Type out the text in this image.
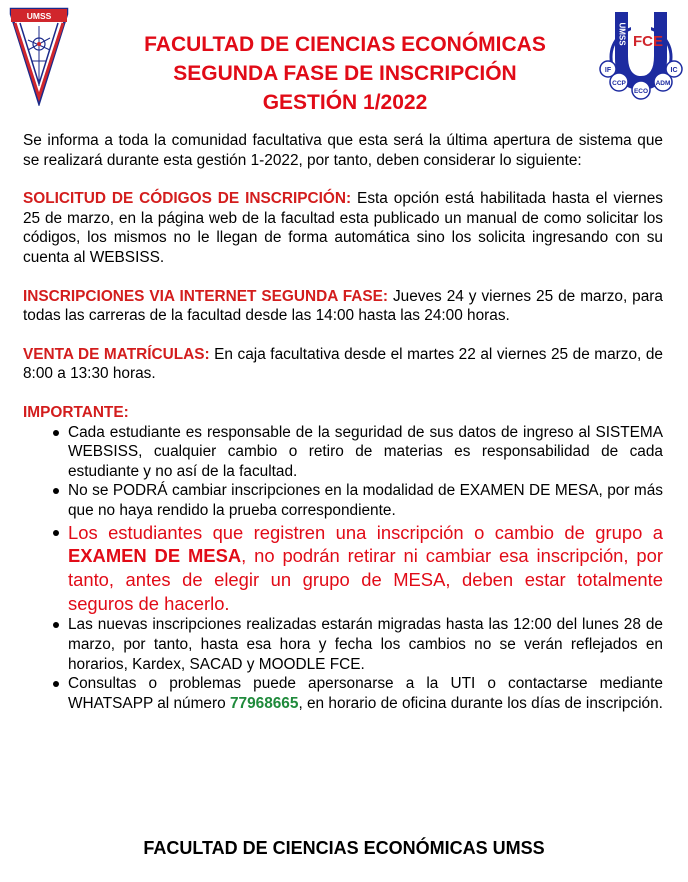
UMSS
FACULTAD DE CIENCIAS ECONÓMICAS
SEGUNDA FASE DE INSCRIPCIÓN
GESTIÓN 1/2022
UMSS FCE
IF	IC
CCP	ADM
ECO

Se informa a toda la comunidad facultativa que esta será la última apertura de sistema que se realizará durante esta gestión 1-2022, por tanto, deben considerar lo siguiente:

SOLICITUD DE CÓDIGOS DE INSCRIPCIÓN: Esta opción está habilitada hasta el viernes 25 de marzo, en la página web de la facultad esta publicado un manual de como solicitar los códigos, los mismos no le llegan de forma automática sino los solicita ingresando con su cuenta al WEBSISS.

INSCRIPCIONES VIA INTERNET SEGUNDA FASE: Jueves 24 y viernes 25 de marzo, para todas las carreras de la facultad desde las 14:00 hasta las 24:00 horas.

VENTA DE MATRÍCULAS: En caja facultativa desde el martes 22 al viernes 25 de marzo, de 8:00 a 13:30 horas.

IMPORTANTE:
Cada estudiante es responsable de la seguridad de sus datos de ingreso al SISTEMA WEBSISS, cualquier cambio o retiro de materias es responsabilidad de cada estudiante y no así de la facultad.
No se PODRÁ cambiar inscripciones en la modalidad de EXAMEN DE MESA, por más que no haya rendido la prueba correspondiente.
Los estudiantes que registren una inscripción o cambio de grupo a EXAMEN DE MESA, no podrán retirar ni cambiar esa inscripción, por tanto, antes de elegir un grupo de MESA, deben estar totalmente seguros de hacerlo.
Las nuevas inscripciones realizadas estarán migradas hasta las 12:00 del lunes 28 de marzo, por tanto, hasta esa hora y fecha los cambios no se verán reflejados en horarios, Kardex, SACAD y MOODLE FCE.
Consultas o problemas puede apersonarse a la UTI o contactarse mediante WHATSAPP al número 77968665, en horario de oficina durante los días de inscripción.
FACULTAD DE CIENCIAS ECONÓMICAS UMSS
